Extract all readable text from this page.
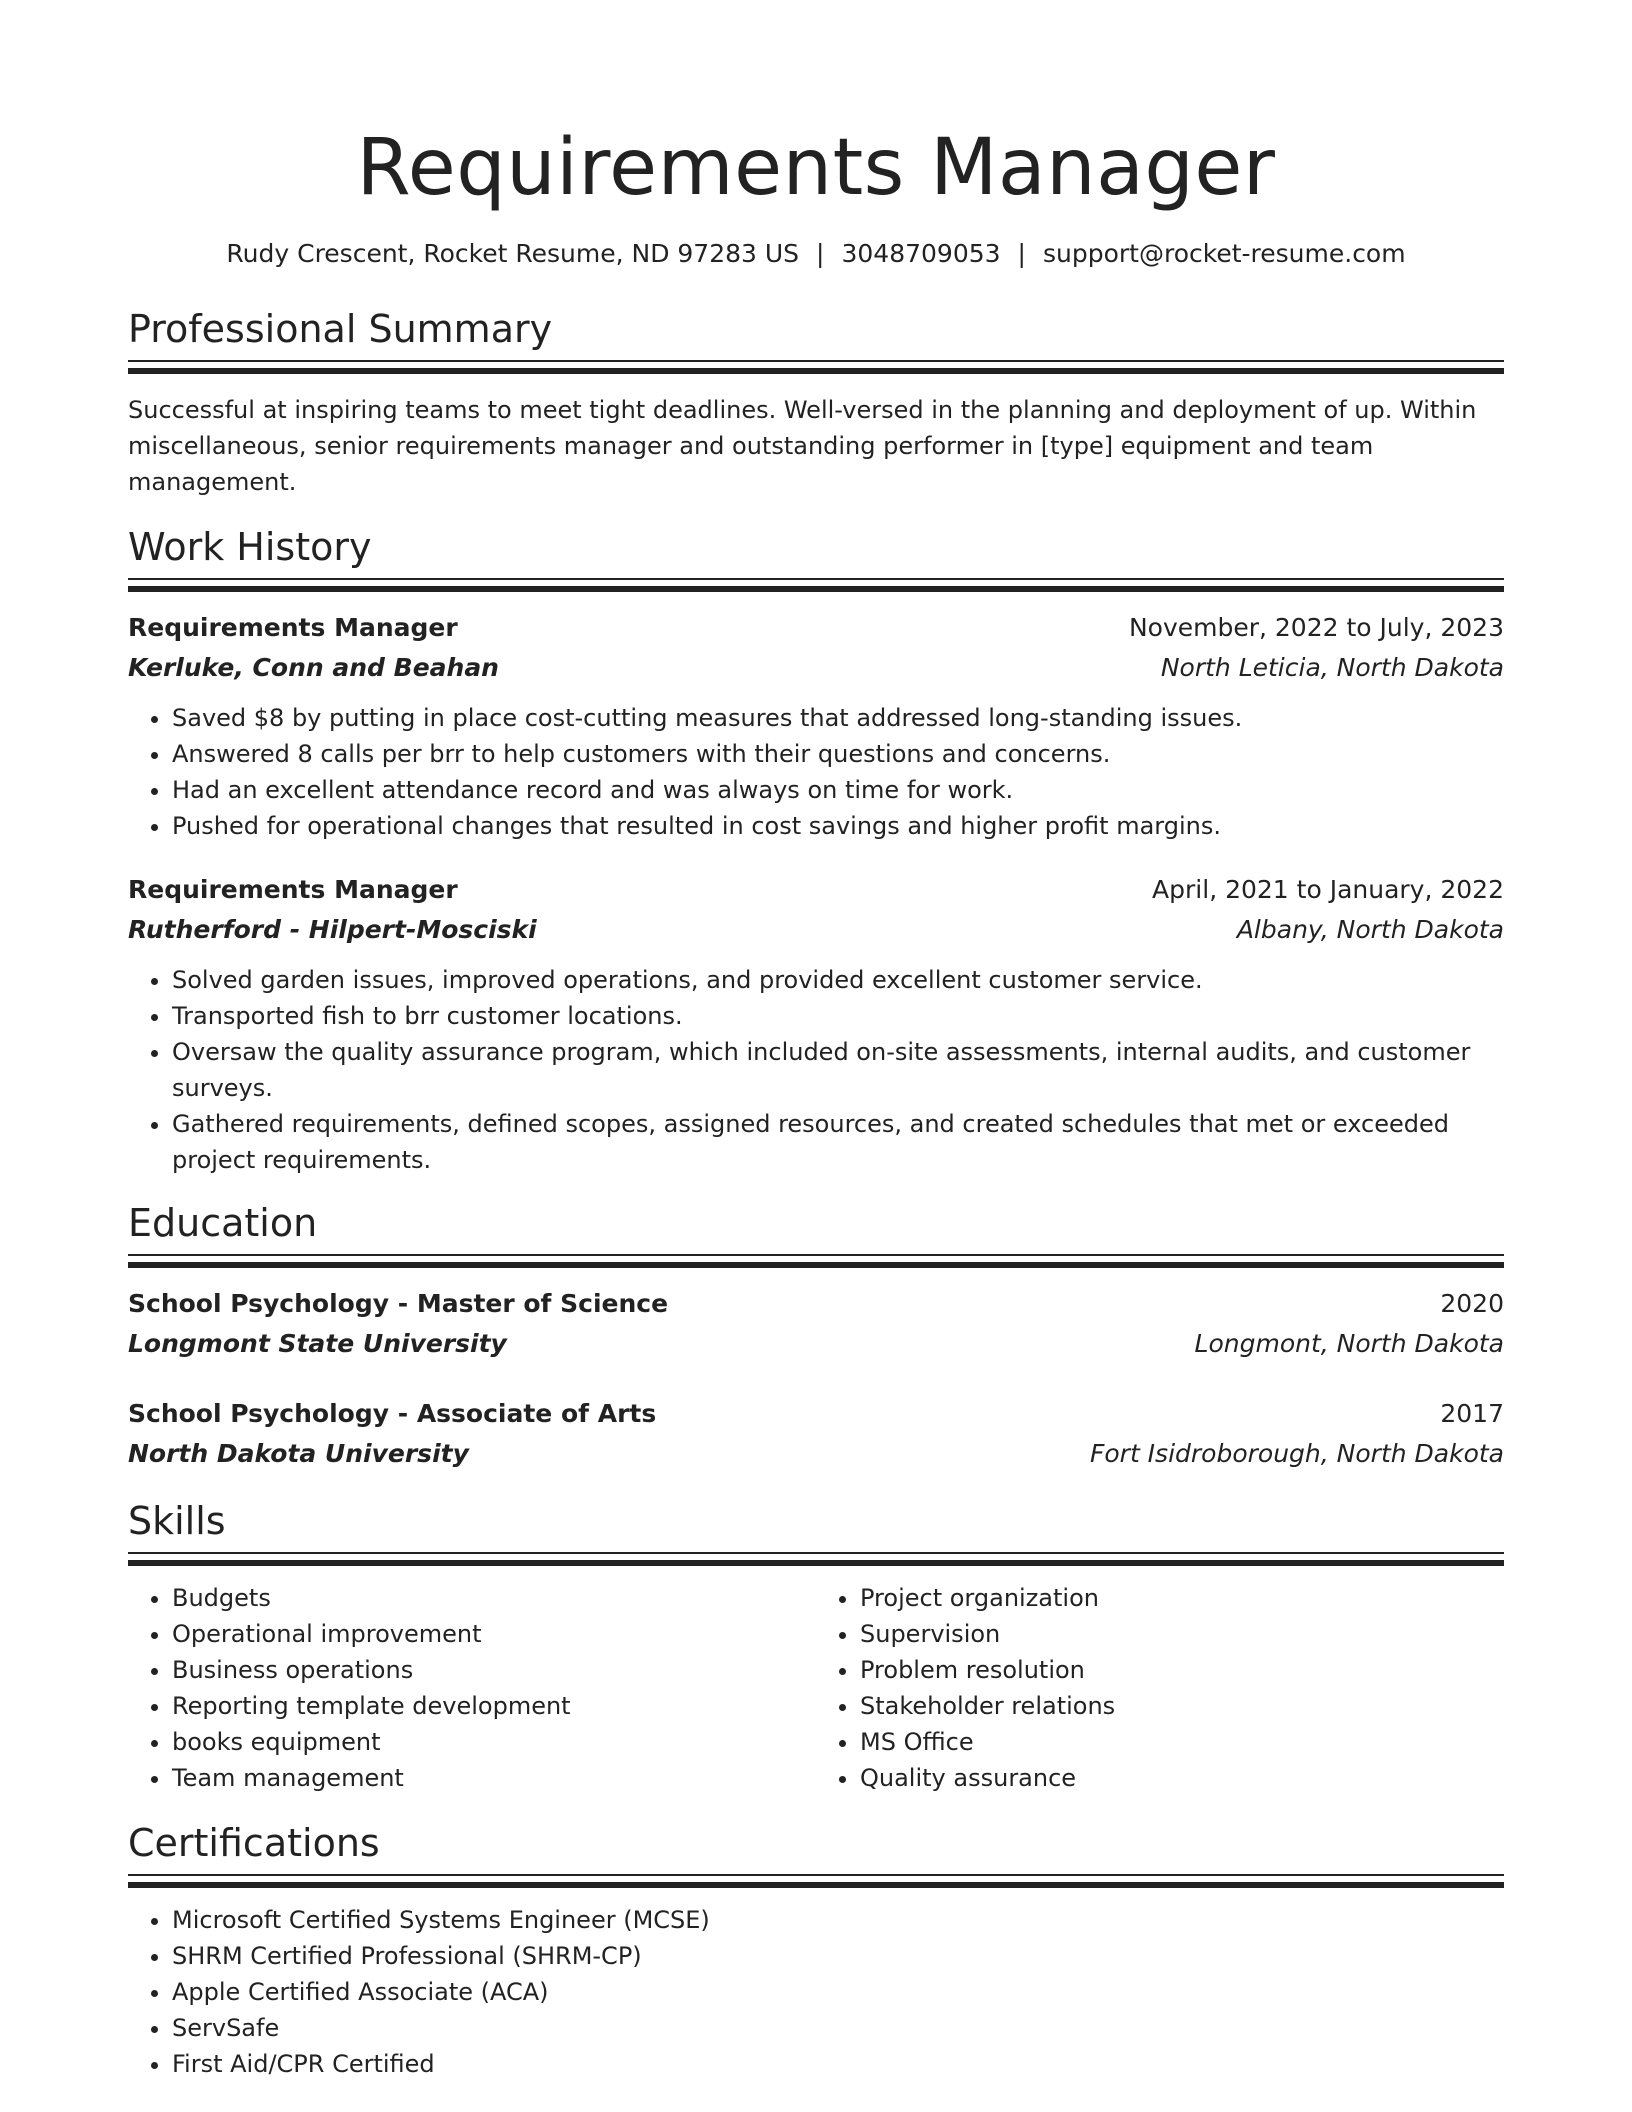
Requirements Manager
Rudy Crescent, Rocket Resume, ND 97283 US | 3048709053 | support@rocket-resume.com
Professional Summary

Successful at inspiring teams to meet tight deadlines. Well-versed in the planning and deployment of up. Within miscellaneous, senior requirements manager and outstanding performer in [type] equipment and team management.

Work History
Requirements Manager	November, 2022 to July, 2023
Kerluke, Conn and Beahan	North Leticia, North Dakota
• Saved $8 by putting in place cost-cutting measures that addressed long-standing issues.
• Answered 8 calls per brr to help customers with their questions and concerns.
• Had an excellent attendance record and was always on time for work.
• Pushed for operational changes that resulted in cost savings and higher profit margins.
Requirements Manager	April, 2021 to January, 2022
Rutherford - Hilpert-Mosciski	Albany, North Dakota
• Solved garden issues, improved operations, and provided excellent customer service.
• Transported fish to brr customer locations.
• Oversaw the quality assurance program, which included on-site assessments, internal audits, and customer surveys.
• Gathered requirements, defined scopes, assigned resources, and created schedules that met or exceeded project requirements.
Education
School Psychology - Master of Science	2020
Longmont State University	Longmont, North Dakota
School Psychology - Associate of Arts	2017
North Dakota University	Fort Isidroborough, North Dakota
Skills
• Budgets
• Operational improvement
• Business operations
• Reporting template development
• books equipment
• Team management
• Project organization
• Supervision
• Problem resolution
• Stakeholder relations
• MS Office
• Quality assurance
Certifications
• Microsoft Certified Systems Engineer (MCSE)
• SHRM Certified Professional (SHRM-CP)
• Apple Certified Associate (ACA)
• ServSafe
• First Aid/CPR Certified
